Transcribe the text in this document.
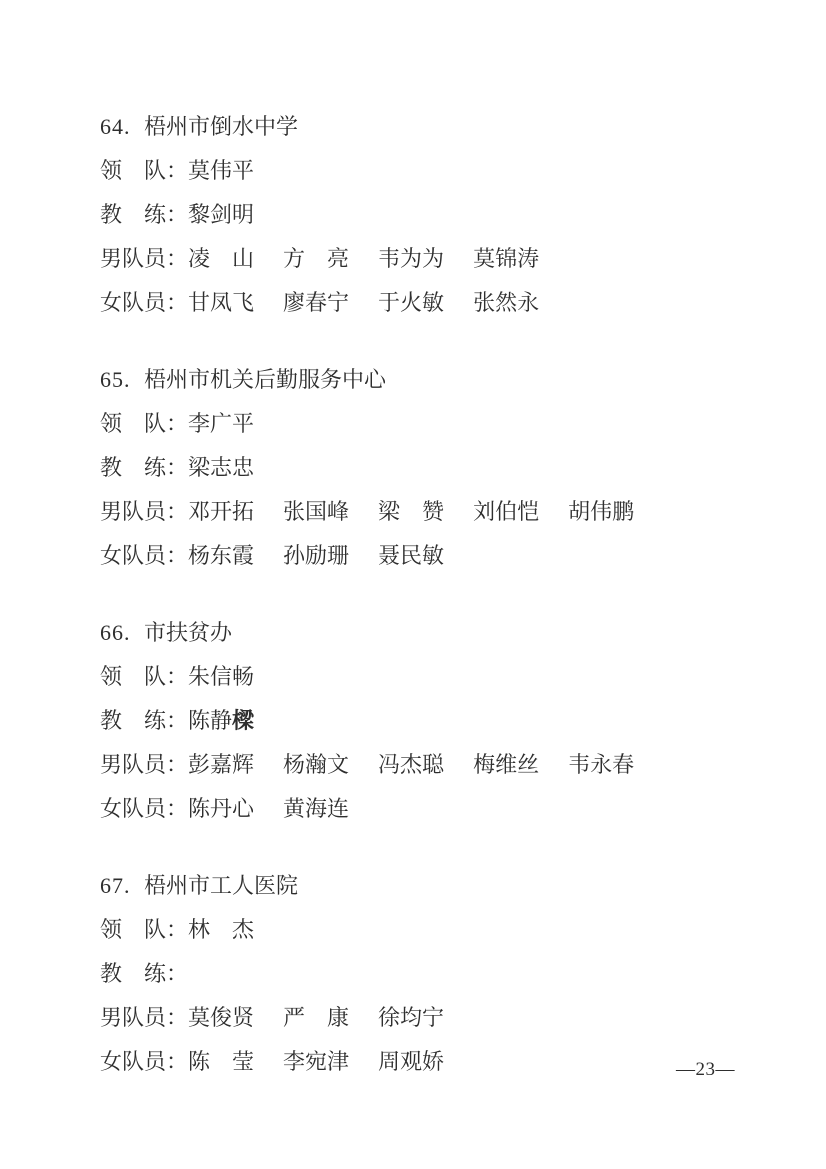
64. 梧州市倒水中学
领　队： 莫伟平
教　练： 黎剑明
男队员： 凌　山 方　亮 韦为为 莫锦涛
女队员： 甘凤飞 廖春宁 于火敏 张然永
65. 梧州市机关后勤服务中心
领　队： 李广平
教　练： 梁志忠
男队员： 邓开拓 张国峰 梁　赞 刘伯恺 胡伟鹏
女队员： 杨东霞 孙励珊 聂民敏
66. 市扶贫办
领　队： 朱信畅
教　练： 陈静 樑
男队员： 彭嘉辉 杨瀚文 冯杰聪 梅维丝 韦永春
女队员： 陈丹心 黄海连
67. 梧州市工人医院
领　队： 林　杰
教　练：
男队员： 莫俊贤 严　康 徐均宁
女队员： 陈　莹 李宛津 周观娇	—23—
